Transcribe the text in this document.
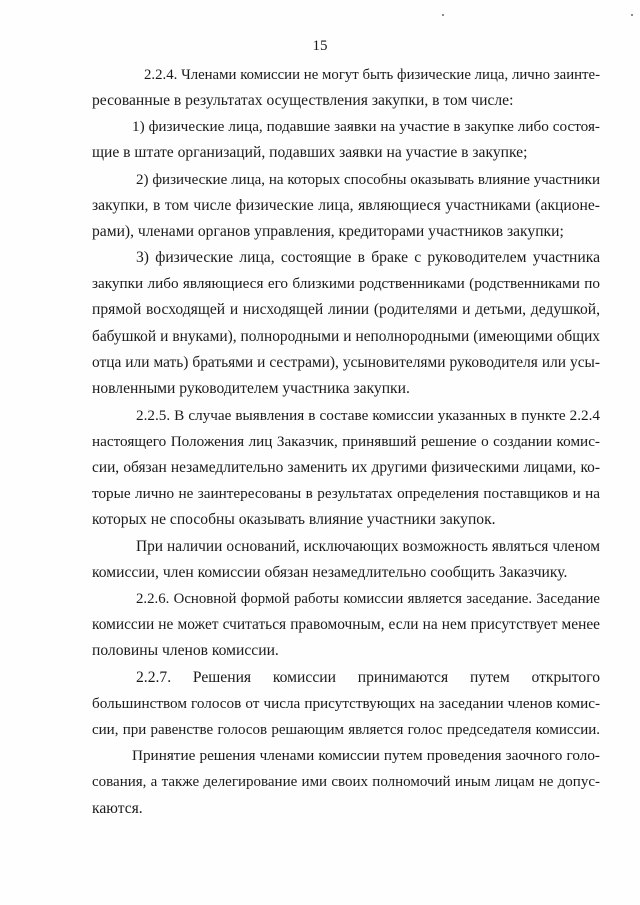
15

2.2.4. Членами комиссии не могут быть физические лица, лично заинте-

ресованные в результатах осуществления закупки, в том числе:

1) физические лица, подавшие заявки на участие в закупке либо состоя-

щие в штате организаций, подавших заявки на участие в закупке;

2) физические лица, на которых способны оказывать влияние участники

закупки, в том числе физические лица, являющиеся участниками (акционе-

рами), членами органов управления, кредиторами участников закупки;

3) физические лица, состоящие в браке с руководителем участника

закупки либо являющиеся его близкими родственниками (родственниками по

прямой восходящей и нисходящей линии (родителями и детьми, дедушкой,

бабушкой и внуками), полнородными и неполнородными (имеющими общих

отца или мать) братьями и сестрами), усыновителями руководителя или усы-

новленными руководителем участника закупки.

2.2.5. В случае выявления в составе комиссии указанных в пункте 2.2.4

настоящего Положения лиц Заказчик, принявший решение о создании комис-

сии, обязан незамедлительно заменить их другими физическими лицами, ко-

торые лично не заинтересованы в результатах определения поставщиков и на

которых не способны оказывать влияние участники закупок.

При наличии оснований, исключающих возможность являться членом

комиссии, член комиссии обязан незамедлительно сообщить Заказчику.

2.2.6. Основной формой работы комиссии является заседание. Заседание

комиссии не может считаться правомочным, если на нем присутствует менее

половины членов комиссии.

2.2.7. Решения комиссии принимаются путем открытого

большинством голосов от числа присутствующих на заседании членов комис-

сии, при равенстве голосов решающим является голос председателя комиссии.

Принятие решения членами комиссии путем проведения заочного голо-

сования, а также делегирование ими своих полномочий иным лицам не допус-

каются.
